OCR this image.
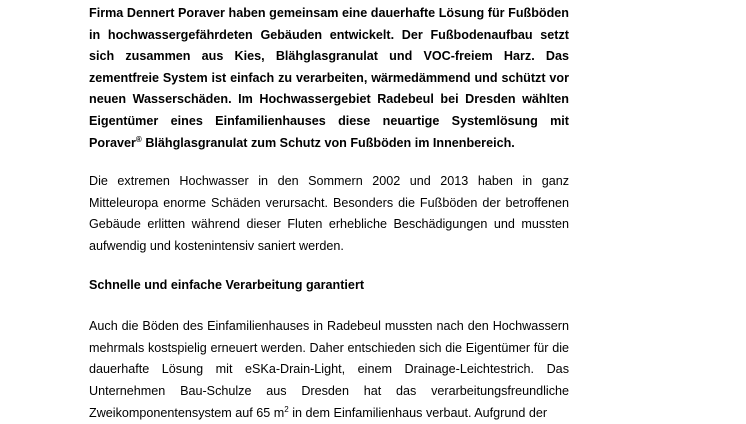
Firma Dennert Poraver haben gemeinsam eine dauerhafte Lösung für Fußböden in hochwassergefährdeten Gebäuden entwickelt. Der Fußbodenaufbau setzt sich zusammen aus Kies, Blähglasgranulat und VOC-freiem Harz. Das zementfreie System ist einfach zu verarbeiten, wärmedämmend und schützt vor neuen Wasserschäden. Im Hochwassergebiet Radebeul bei Dresden wählten Eigentümer eines Einfamilienhauses diese neuartige Systemlösung mit Poraver® Blähglasgranulat zum Schutz von Fußböden im Innenbereich.

Die extremen Hochwasser in den Sommern 2002 und 2013 haben in ganz Mitteleuropa enorme Schäden verursacht. Besonders die Fußböden der betroffenen Gebäude erlitten während dieser Fluten erhebliche Beschädigungen und mussten aufwendig und kostenintensiv saniert werden.

Schnelle und einfache Verarbeitung garantiert

Auch die Böden des Einfamilienhauses in Radebeul mussten nach den Hochwassern mehrmals kostspielig erneuert werden. Daher entschieden sich die Eigentümer für die dauerhafte Lösung mit eSKa-Drain-Light, einem Drainage-Leichtestrich. Das Unternehmen Bau-Schulze aus Dresden hat das verarbeitungsfreundliche Zweikomponentensystem auf 65 $m^2$ in dem Einfamilienhaus verbaut. Aufgrund der
